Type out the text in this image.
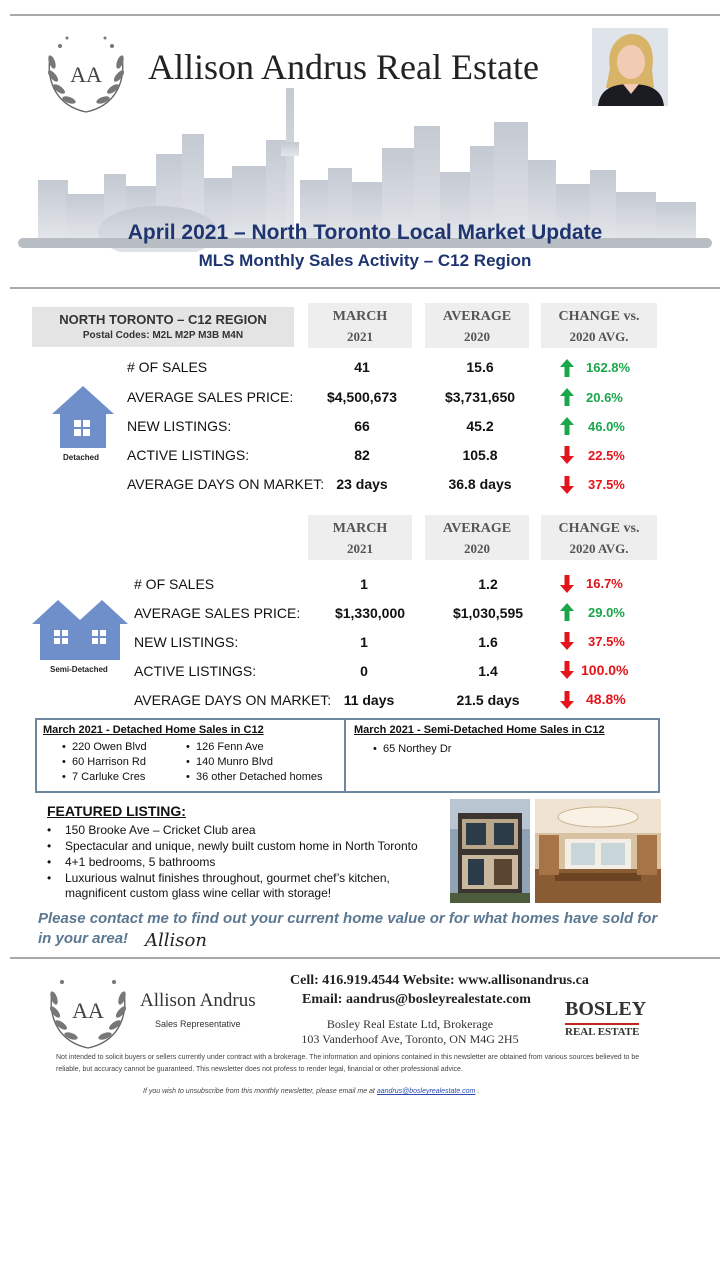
AA Allison Andrus Real Estate
April 2021 – North Toronto Local Market Update
MLS Monthly Sales Activity – C12 Region
NORTH TORONTO – C12 REGION
Postal Codes: M2L M2P M3B M4N
MARCH
2021
AVERAGE
2020
CHANGE vs.
2020 AVG.
Detached
# OF SALES	41	15.6	162.8%
AVERAGE SALES PRICE:	$4,500,673	$3,731,650	20.6%
NEW LISTINGS:	66	45.2	46.0%
ACTIVE LISTINGS:	82	105.8	22.5%
AVERAGE DAYS ON MARKET: 23 days	36.8 days	37.5%
MARCH
2021
AVERAGE
2020
CHANGE vs.
2020 AVG.
Semi-Detached
# OF SALES	1	1.2	16.7%
AVERAGE SALES PRICE:	$1,330,000	$1,030,595	29.0%
NEW LISTINGS:	1	1.6	37.5%
ACTIVE LISTINGS:	0	1.4	100.0%
AVERAGE DAYS ON MARKET: 11 days	21.5 days	48.8%
March 2021 - Detached Home Sales in C12
•  220 Owen Blvd
•  60 Harrison Rd
•  7 Carluke Cres
•  126 Fenn Ave
•  140 Munro Blvd
•  36 other Detached homes
March 2021 - Semi-Detached Home Sales in C12
•  65 Northey Dr
FEATURED LISTING:
• 150 Brooke Ave – Cricket Club area
• Spectacular and unique, newly built custom home in North Toronto
• 4+1 bedrooms, 5 bathrooms
• Luxurious walnut finishes throughout, gourmet chef’s kitchen,
magnificent custom glass wine cellar with storage!
Please contact me to find out your current home value or for what homes have sold for in your area! Allison
AA Allison Andrus
Sales Representative
Cell: 416.919.4544 Website: www.allisonandrus.ca
Email: aandrus@bosleyrealestate.com
Bosley Real Estate Ltd, Brokerage
103 Vanderhoof Ave, Toronto, ON M4G 2H5
BOSLEY
REAL ESTATE
Not intended to solicit buyers or sellers currently under contract with a brokerage. The information and opinions contained in this newsletter are obtained from various sources believed to be reliable, but accuracy cannot be guaranteed. This newsletter does not profess to render legal, financial or other professional advice.
If you wish to unsubscribe from this monthly newsletter, please email me at aandrus@bosleyrealestate.com .
